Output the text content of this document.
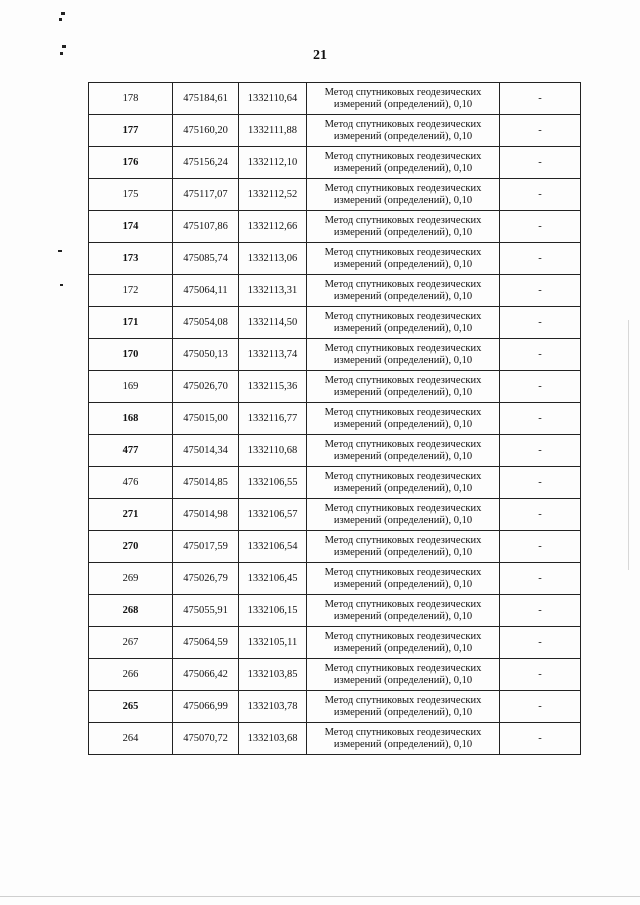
21
178	475184,61	1332110,64	Метод спутниковых геодезических
измерений (определений), 0,10	-
177	475160,20	1332111,88	Метод спутниковых геодезических
измерений (определений), 0,10	-
176	475156,24	1332112,10	Метод спутниковых геодезических
измерений (определений), 0,10	-
175	475117,07	1332112,52	Метод спутниковых геодезических
измерений (определений), 0,10	-
174	475107,86	1332112,66	Метод спутниковых геодезических
измерений (определений), 0,10	-
173	475085,74	1332113,06	Метод спутниковых геодезических
измерений (определений), 0,10	-
172	475064,11	1332113,31	Метод спутниковых геодезических
измерений (определений), 0,10	-
171	475054,08	1332114,50	Метод спутниковых геодезических
измерений (определений), 0,10	-
170	475050,13	1332113,74	Метод спутниковых геодезических
измерений (определений), 0,10	-
169	475026,70	1332115,36	Метод спутниковых геодезических
измерений (определений), 0,10	-
168	475015,00	1332116,77	Метод спутниковых геодезических
измерений (определений), 0,10	-
477	475014,34	1332110,68	Метод спутниковых геодезических
измерений (определений), 0,10	-
476	475014,85	1332106,55	Метод спутниковых геодезических
измерений (определений), 0,10	-
271	475014,98	1332106,57	Метод спутниковых геодезических
измерений (определений), 0,10	-
270	475017,59	1332106,54	Метод спутниковых геодезических
измерений (определений), 0,10	-
269	475026,79	1332106,45	Метод спутниковых геодезических
измерений (определений), 0,10	-
268	475055,91	1332106,15	Метод спутниковых геодезических
измерений (определений), 0,10	-
267	475064,59	1332105,11	Метод спутниковых геодезических
измерений (определений), 0,10	-
266	475066,42	1332103,85	Метод спутниковых геодезических
измерений (определений), 0,10	-
265	475066,99	1332103,78	Метод спутниковых геодезических
измерений (определений), 0,10	-
264	475070,72	1332103,68	Метод спутниковых геодезических
измерений (определений), 0,10	-
